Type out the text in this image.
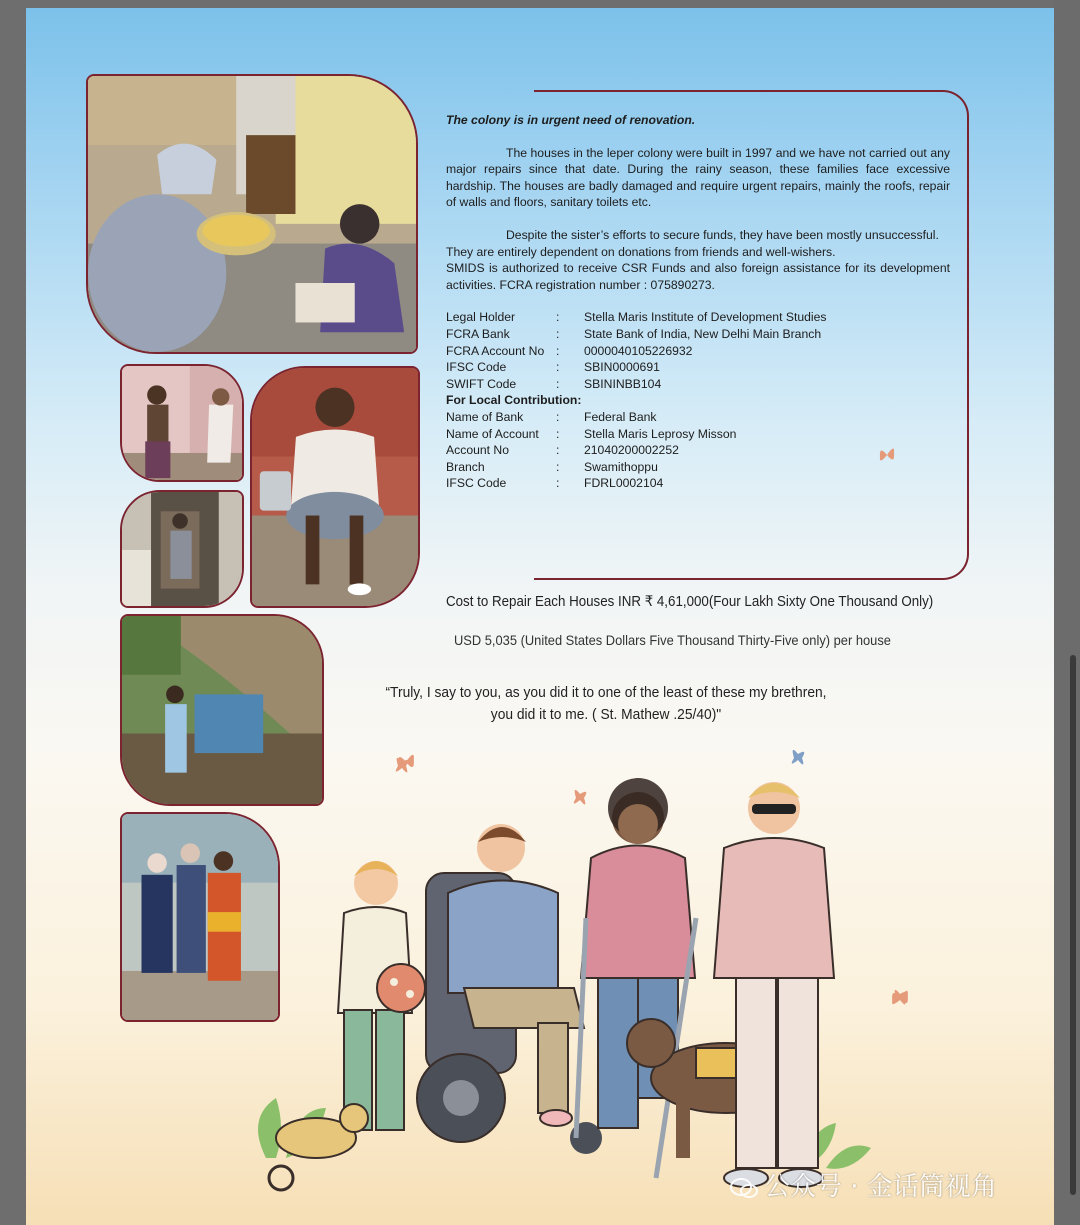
The colony is in urgent need of renovation.

The houses in the leper colony were built in 1997 and we have not carried out any major repairs since that date. During the rainy season, these families face excessive hardship. The houses are badly damaged and require urgent repairs, mainly the roofs, repair of walls and floors, sanitary toilets etc.

Despite the sister’s efforts to secure funds, they have been mostly unsuccessful.

They are entirely dependent on donations from friends and well-wishers.

SMIDS is authorized to receive CSR Funds and also foreign assistance for its development activities. FCRA registration number : 075890273.

Legal Holder	:	Stella Maris Institute of Development Studies
FCRA Bank	:	State Bank of India, New Delhi Main Branch
FCRA Account No :	0000040105226932
IFSC Code	:	SBIN0000691
SWIFT Code	:	SBININBB104

For Local Contribution:

Name of Bank	:	Federal Bank
Name of Account	:	Stella Maris Leprosy Misson
Account No	:	21040200002252
Branch	:	Swamithoppu
IFSC Code	:	FDRL0002104
Cost to Repair Each Houses INR ₹ 4,61,000(Four Lakh Sixty One Thousand Only)
USD 5,035 (United States Dollars Five Thousand Thirty-Five only) per house
“Truly, I say to you, as you did it to one of the least of these my brethren,
you did it to me. ( St. Mathew .25/40)"
公众号 · 金话筒视角
